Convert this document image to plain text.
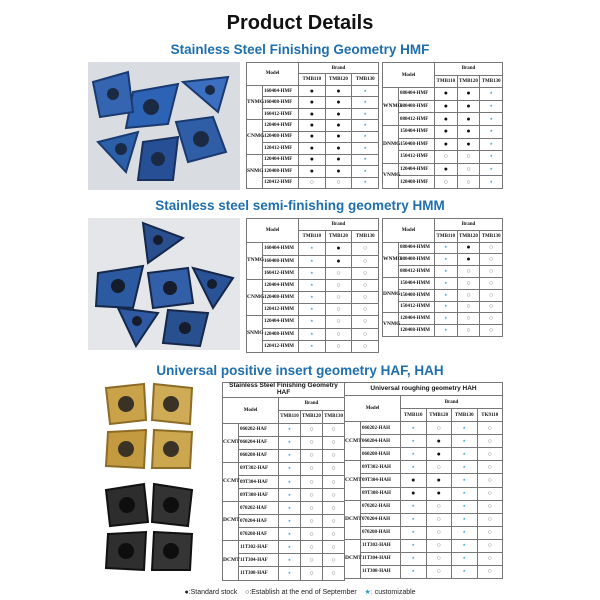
Product Details
Stainless Steel Finishing Geometry HMF
Model		Brand		
		TMB110	TMB120	TMB130
TNMG	160404-HMF	●	●	⋆
	160408-HMF	●	●	⋆
	160412-HMF	●	●	⋆
CNMG	120404-HMF	●	●	⋆
	120408-HMF	●	●	⋆
	120412-HMF	●	●	⋆
SNMG	120404-HMF	●	●	⋆
	120408-HMF	●	●	⋆
	120412-HMF	○	○	⋆
Model		Brand		
		TMB110	TMB120	TMB130
WNMG	080404-HMF	●	●	⋆
	080408-HMF	●	●	⋆
	080412-HMF	●	●	⋆
DNMG	150404-HMF	●	●	⋆
	150408-HMF	●	●	⋆
	150412-HMF	○	○	⋆
VNMG	120404-HMF	●	○	⋆
	120408-HMF	○	○	⋆
Stainless steel semi-finishing geometry HMM
Model		Brand		
		TMB110	TMB120	TMB130
TNMG	160404-HMM	⋆	●	○
	160408-HMM	⋆	●	○
	160412-HMM	⋆	○	○
CNMG	120404-HMM	⋆	○	○
	120408-HMM	⋆	○	○
	120412-HMM	⋆	○	○
SNMG	120404-HMM	⋆	○	○
	120408-HMM	⋆	○	○
	120412-HMM	⋆	○	○
Model		Brand		
		TMB110	TMB120	TMB130
WNMG	080404-HMM	⋆	●	○
	080408-HMM	⋆	●	○
	080412-HMM	⋆	○	○
DNMG	150404-HMM	⋆	○	○
	150408-HMM	⋆	○	○
	150412-HMM	⋆	○	○
VNMG	120404-HMM	⋆	○	○
	120408-HMM	⋆	○	○
Universal positive insert geometry HAF, HAH
Stainless Steel Finishing Geometry HAF				
Model		Brand		
		TMB110	TMB120	TMB130
CCMT	060202-HAF	⋆	○	○
	060204-HAF	⋆	○	○
	060208-HAF	⋆	○	○
CCMT	09T302-HAF	⋆	○	○
	09T304-HAF	⋆	○	○
	09T308-HAF	⋆	○	○
DCMT	070202-HAF	⋆	○	○
	070204-HAF	⋆	○	○
	070208-HAF	⋆	○	○
DCMT	11T302-HAF	⋆	○	○
	11T304-HAF	⋆	○	○
	11T308-HAF	⋆	○	○
Universal roughing geometry HAH					
Model		Brand			
		TMB110	TMB120	TMB130	TK9110
CCMT	060202-HAH	⋆	○	⋆	○
	060204-HAH	⋆	●	⋆	○
	060208-HAH	⋆	●	⋆	○
CCMT	09T302-HAH	⋆	○	⋆	○
	09T304-HAH	●	●	⋆	○
	09T308-HAH	●	●	⋆	○
DCMT	070202-HAH	⋆	○	⋆	○
	070204-HAH	⋆	○	⋆	○
	070208-HAH	⋆	○	⋆	○
DCMT	11T302-HAH	⋆	○	⋆	○
	11T304-HAH	⋆	○	⋆	○
	11T308-HAH	⋆	○	⋆	○
●:Standard stock ○:Establish at the end of September ★: customizable
